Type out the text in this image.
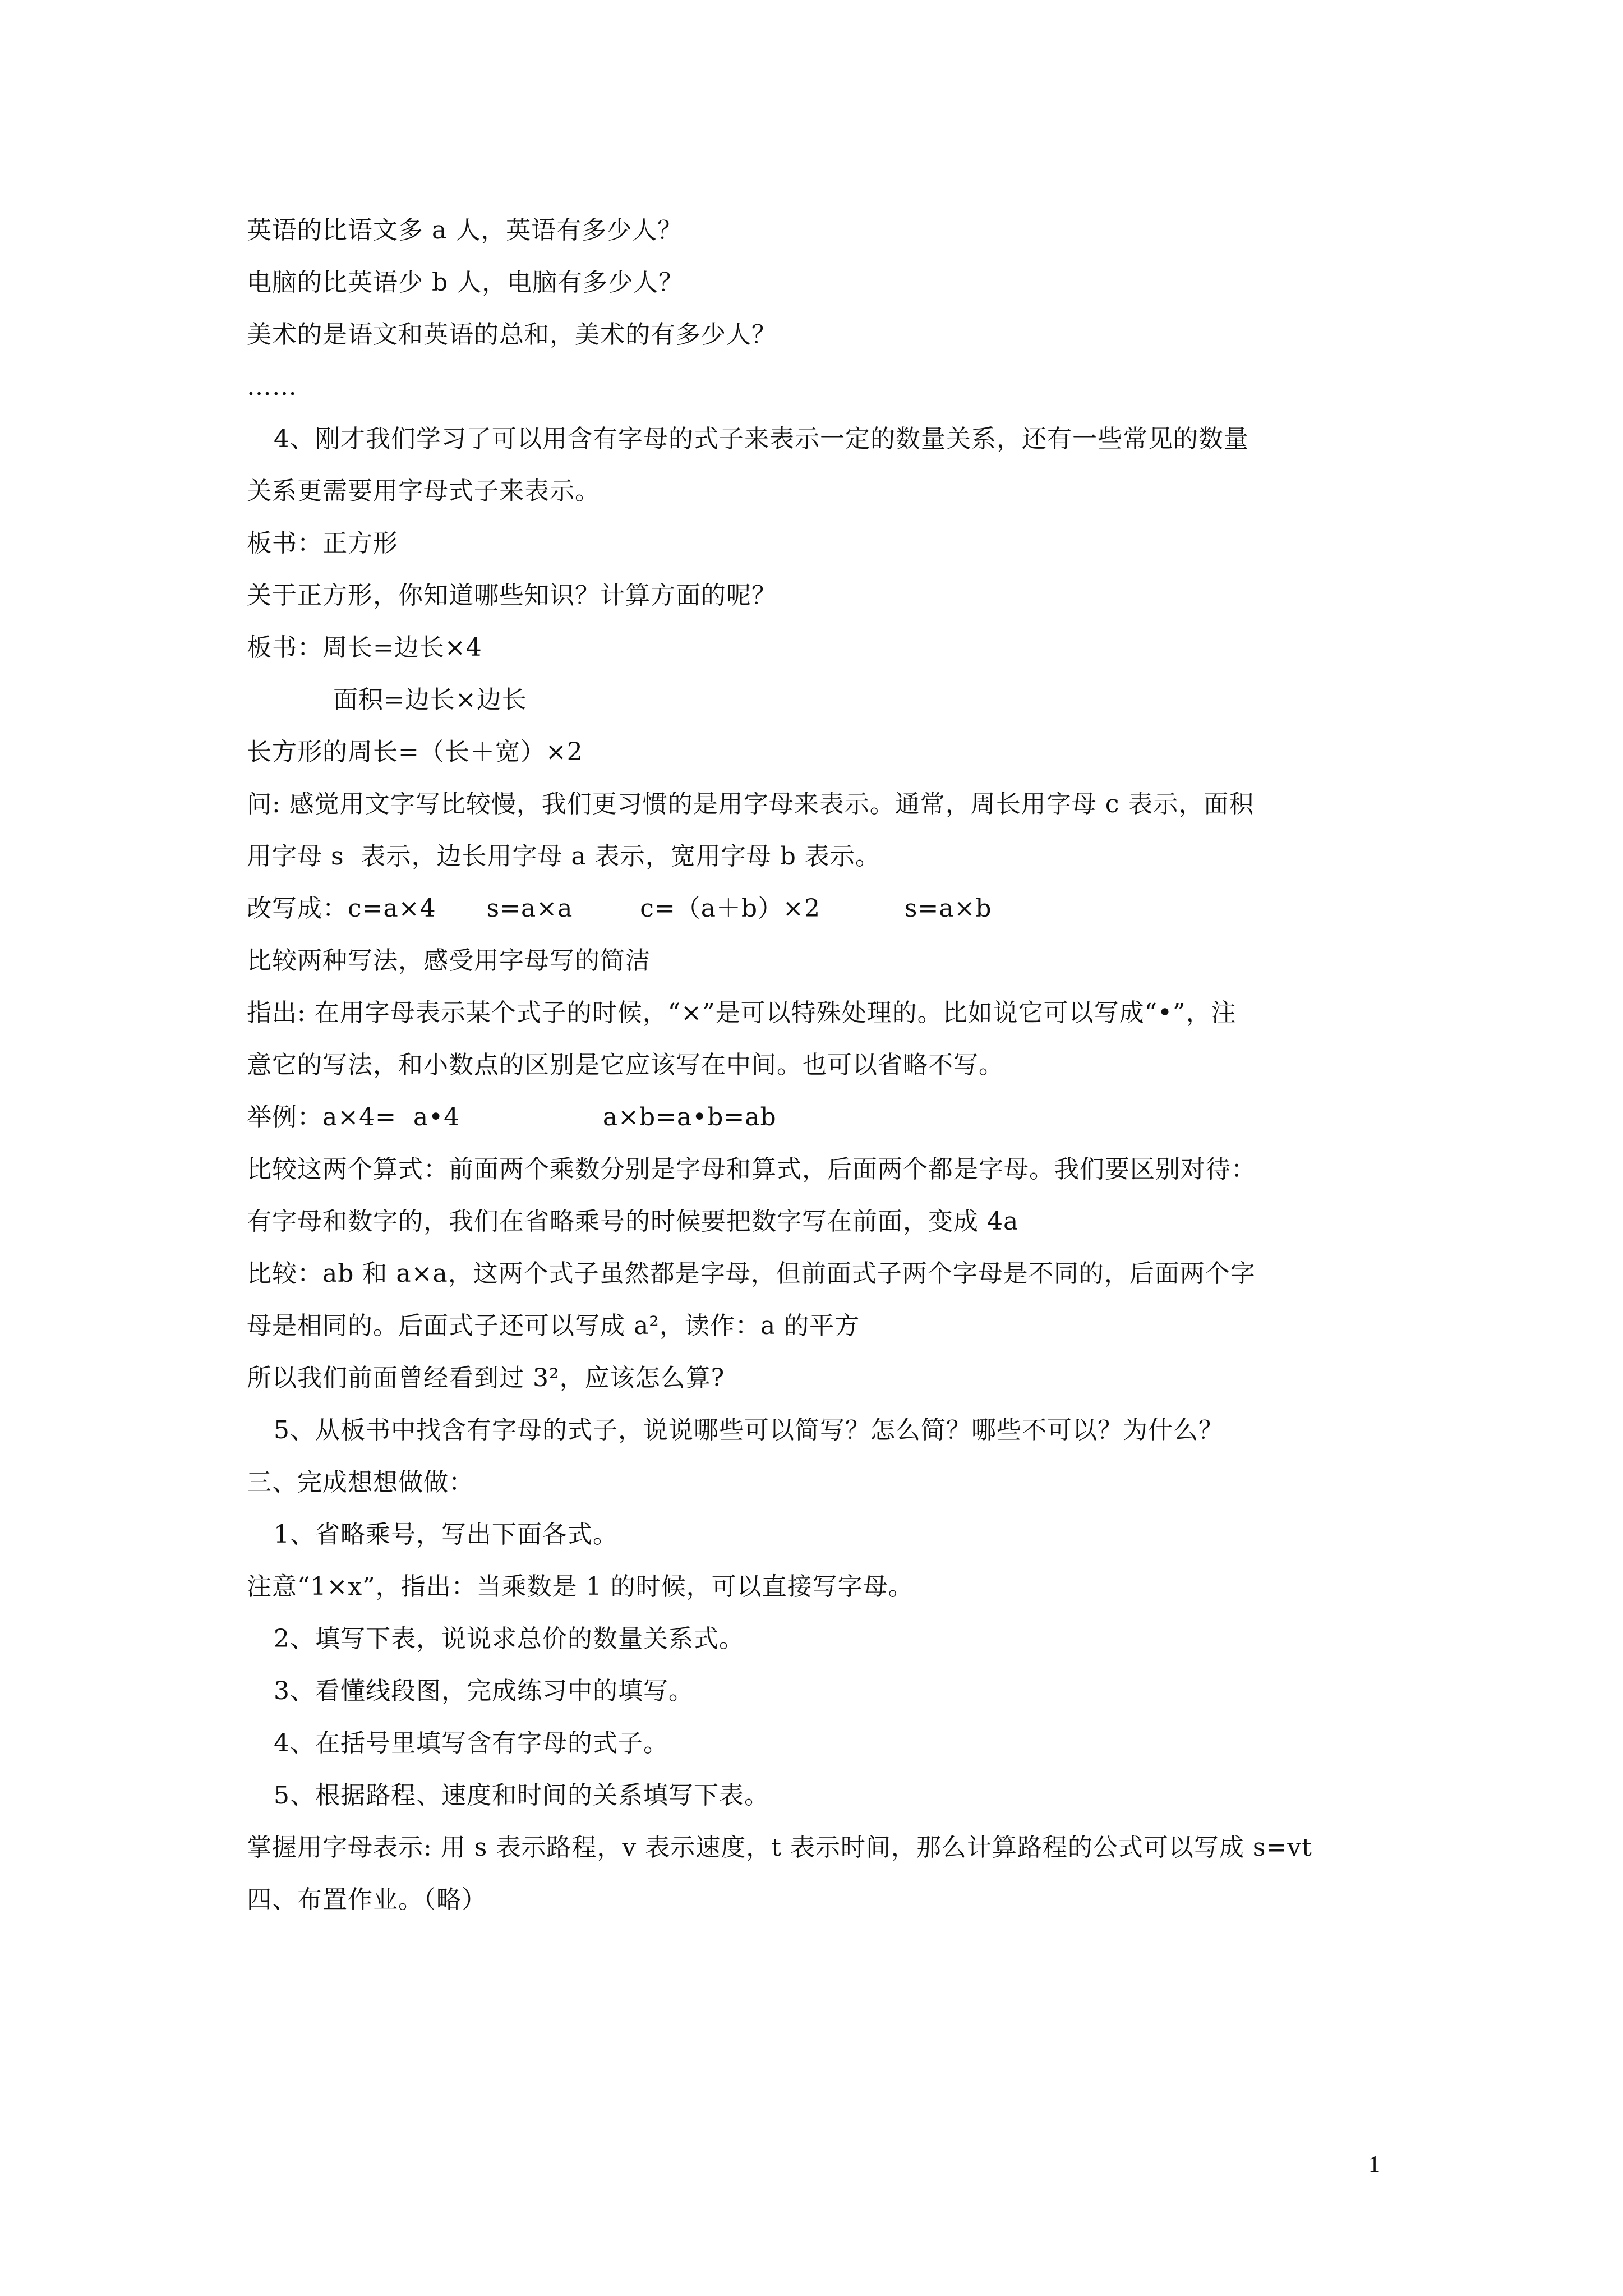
英语的比语文多 a 人，英语有多少人？
电脑的比英语少 b 人，电脑有多少人？
美术的是语文和英语的总和，美术的有多少人？
……
4、刚才我们学习了可以用含有字母的式子来表示一定的数量关系，还有一些常见的数量
关系更需要用字母式子来表示。
板书：正方形
关于正方形，你知道哪些知识？计算方面的呢？
板书：周长=边长×4
面积=边长×边长
长方形的周长=（长＋宽）×2
问: 感觉用文字写比较慢，我们更习惯的是用字母来表示。通常，周长用字母 c 表示，面积
用字母 s  表示，边长用字母 a 表示，宽用字母 b 表示。
改写成：c=a×4      s=a×a        c=（a＋b）×2          s=a×b
比较两种写法，感受用字母写的简洁
指出: 在用字母表示某个式子的时候，“×”是可以特殊处理的。比如说它可以写成“•”，注
意它的写法，和小数点的区别是它应该写在中间。也可以省略不写。
举例：a×4=  a•4                 a×b=a•b=ab
比较这两个算式：前面两个乘数分别是字母和算式，后面两个都是字母。我们要区别对待：
有字母和数字的，我们在省略乘号的时候要把数字写在前面，变成 4a
比较：ab 和 a×a，这两个式子虽然都是字母，但前面式子两个字母是不同的，后面两个字
母是相同的。后面式子还可以写成 a²，读作：a 的平方
所以我们前面曾经看到过 3²，应该怎么算?
5、从板书中找含有字母的式子，说说哪些可以简写？怎么简？哪些不可以？为什么？
三、完成想想做做：
1、省略乘号，写出下面各式。
注意“1×x”，指出：当乘数是 1 的时候，可以直接写字母。
2、填写下表，说说求总价的数量关系式。
3、看懂线段图，完成练习中的填写。
4、在括号里填写含有字母的式子。
5、根据路程、速度和时间的关系填写下表。
掌握用字母表示: 用 s 表示路程，v 表示速度，t 表示时间，那么计算路程的公式可以写成 s=vt
四、布置作业。（略）
1
